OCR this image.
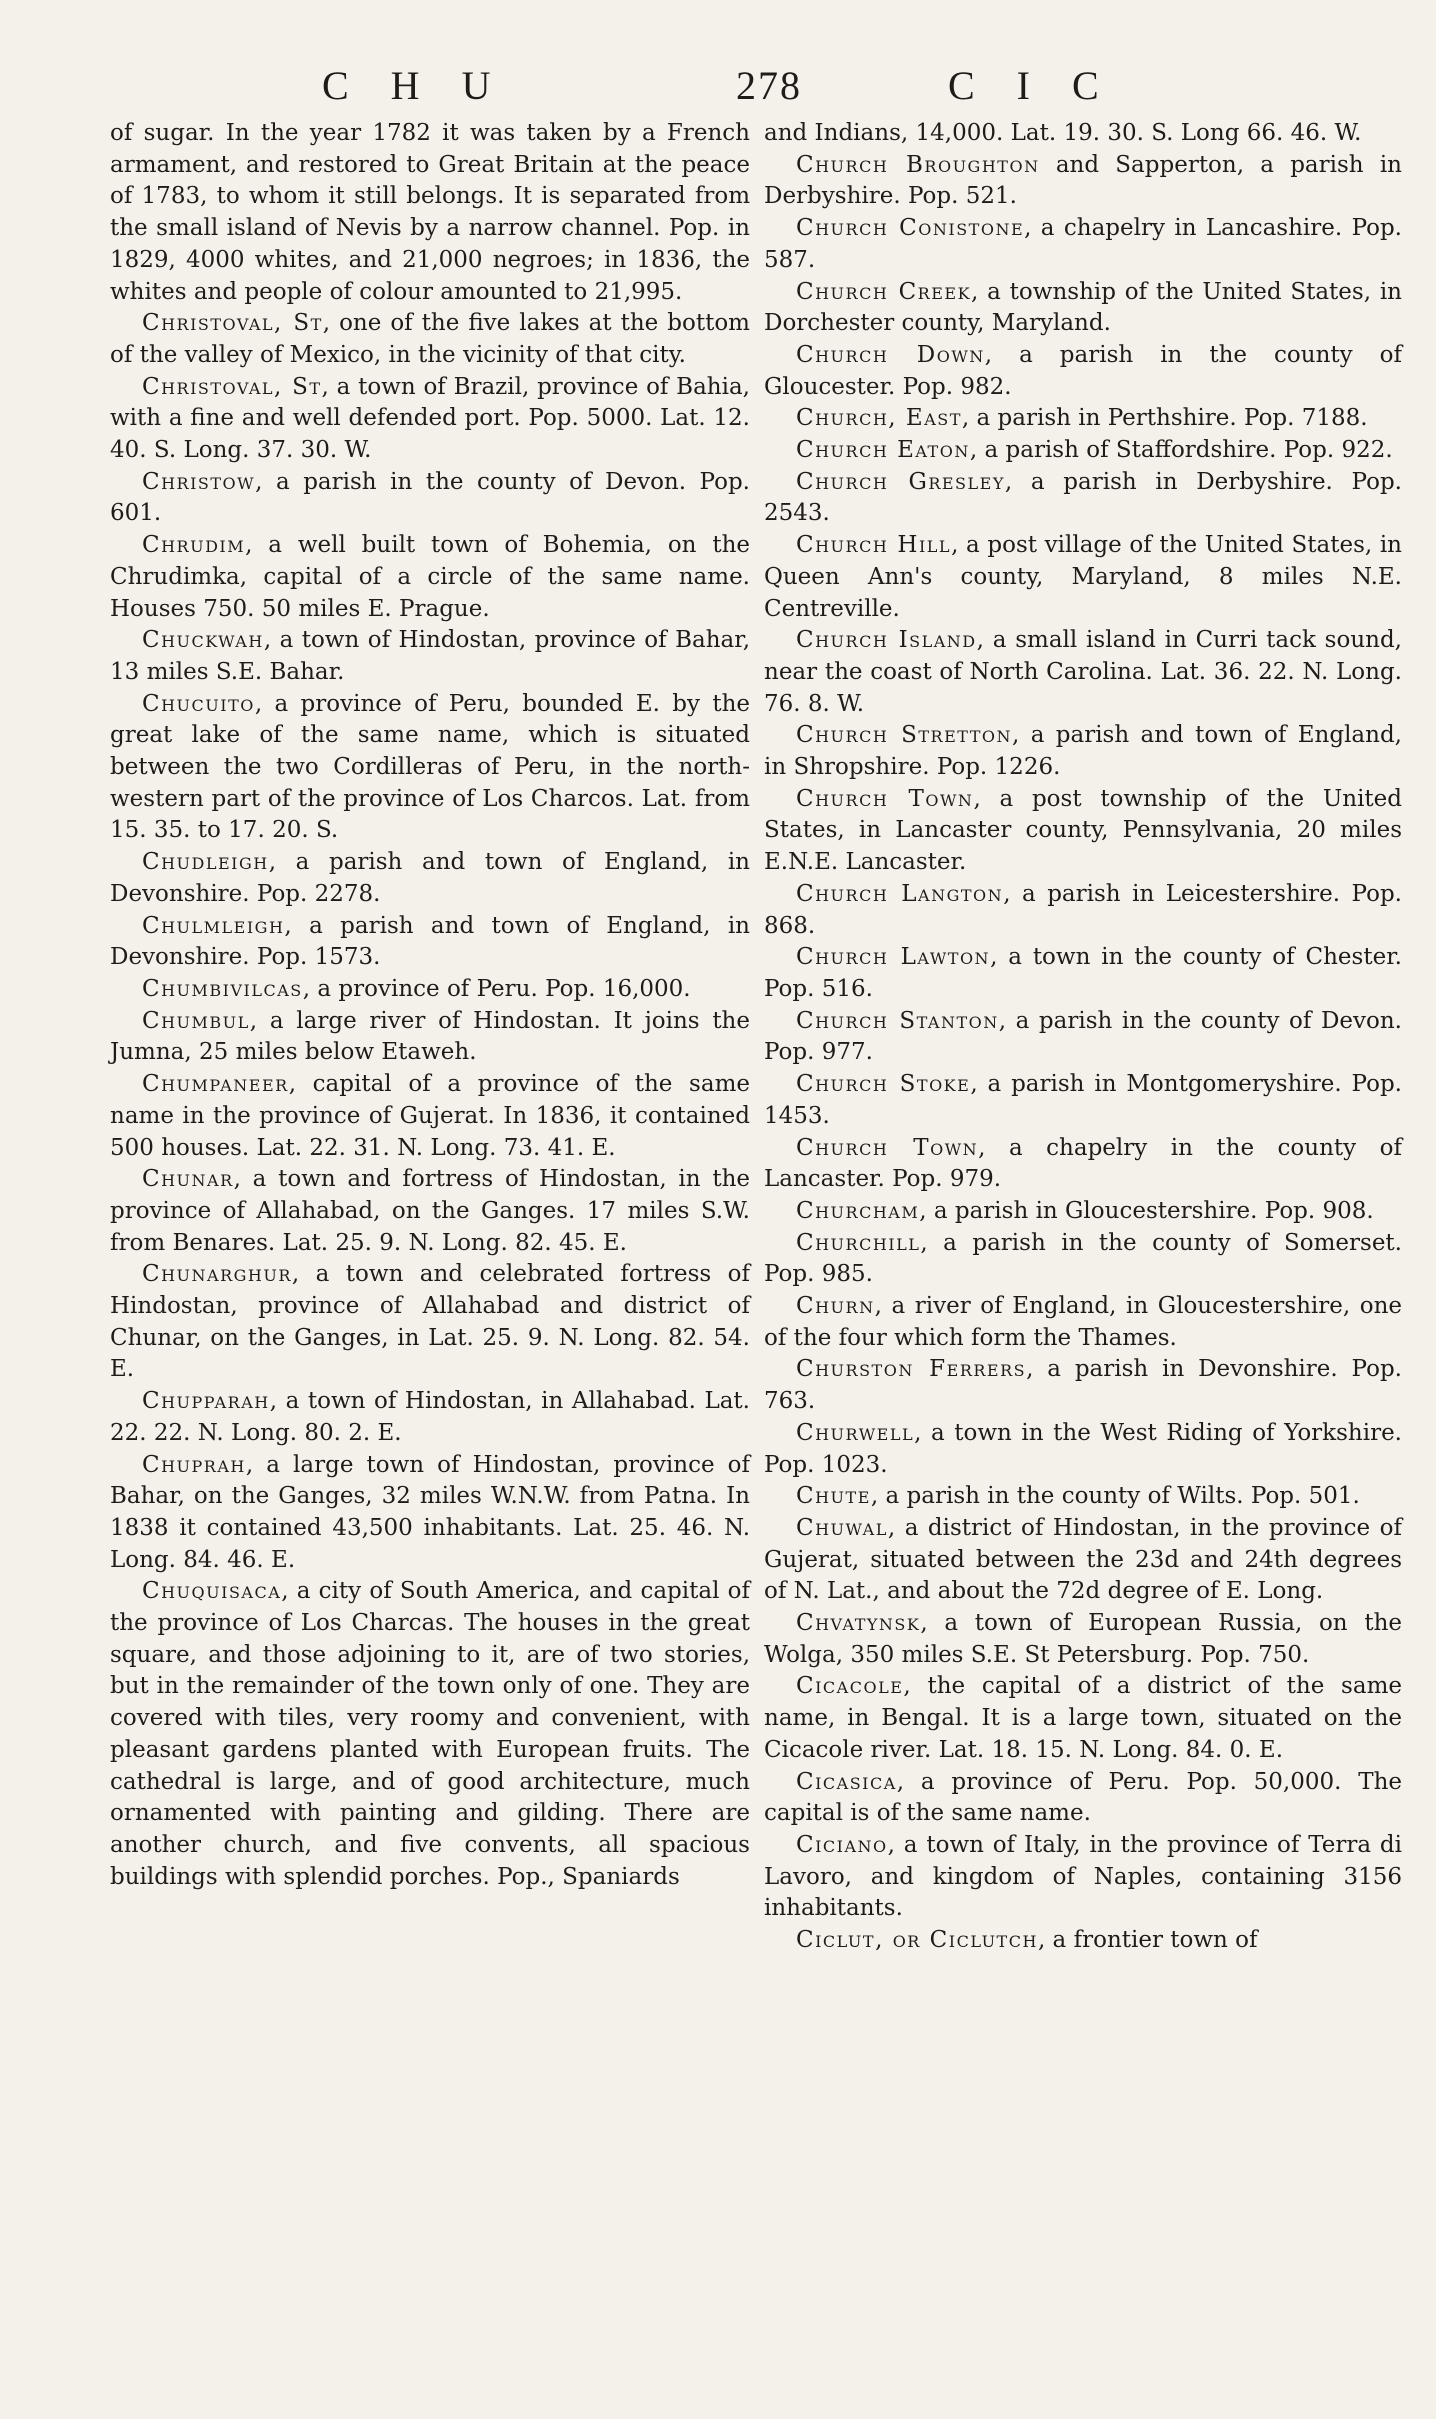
C H U	278	C I C

of sugar. In the year 1782 it was taken by a French armament, and restored to Great Britain at the peace of 1783, to whom it still belongs. It is separated from the small island of Nevis by a narrow channel. Pop. in 1829, 4000 whites, and 21,000 negroes; in 1836, the whites and people of colour amounted to 21,995.

Christoval, St, one of the five lakes at the bottom of the valley of Mexico, in the vicinity of that city.

Christoval, St, a town of Brazil, province of Bahia, with a fine and well defended port. Pop. 5000. Lat. 12. 40. S. Long. 37. 30. W.

Christow, a parish in the county of Devon. Pop. 601.

Chrudim, a well built town of Bohemia, on the Chrudimka, capital of a circle of the same name. Houses 750. 50 miles E. Prague.

Chuckwah, a town of Hindostan, province of Bahar, 13 miles S.E. Bahar.

Chucuito, a province of Peru, bounded E. by the great lake of the same name, which is situated between the two Cordilleras of Peru, in the north-western part of the province of Los Charcos. Lat. from 15. 35. to 17. 20. S.

Chudleigh, a parish and town of England, in Devonshire. Pop. 2278.

Chulmleigh, a parish and town of England, in Devonshire. Pop. 1573.

Chumbivilcas, a province of Peru. Pop. 16,000.

Chumbul, a large river of Hindostan. It joins the Jumna, 25 miles below Etaweh.

Chumpaneer, capital of a province of the same name in the province of Gujerat. In 1836, it contained 500 houses. Lat. 22. 31. N. Long. 73. 41. E.

Chunar, a town and fortress of Hindostan, in the province of Allahabad, on the Ganges. 17 miles S.W. from Benares. Lat. 25. 9. N. Long. 82. 45. E.

Chunarghur, a town and celebrated fortress of Hindostan, province of Allahabad and district of Chunar, on the Ganges, in Lat. 25. 9. N. Long. 82. 54. E.

Chupparah, a town of Hindostan, in Allahabad. Lat. 22. 22. N. Long. 80. 2. E.

Chuprah, a large town of Hindostan, province of Bahar, on the Ganges, 32 miles W.N.W. from Patna. In 1838 it contained 43,500 inhabitants. Lat. 25. 46. N. Long. 84. 46. E.

Chuquisaca, a city of South America, and capital of the province of Los Charcas. The houses in the great square, and those adjoining to it, are of two stories, but in the remainder of the town only of one. They are covered with tiles, very roomy and convenient, with pleasant gardens planted with European fruits. The cathedral is large, and of good architecture, much ornamented with painting and gilding. There are another church, and five convents, all spacious buildings with splendid porches. Pop., Spaniards

and Indians, 14,000. Lat. 19. 30. S. Long 66. 46. W.

Church Broughton and Sapperton, a parish in Derbyshire. Pop. 521.

Church Conistone, a chapelry in Lancashire. Pop. 587.

Church Creek, a township of the United States, in Dorchester county, Maryland.

Church Down, a parish in the county of Gloucester. Pop. 982.

Church, East, a parish in Perthshire. Pop. 7188.

Church Eaton, a parish of Staffordshire. Pop. 922.

Church Gresley, a parish in Derbyshire. Pop. 2543.

Church Hill, a post village of the United States, in Queen Ann's county, Maryland, 8 miles N.E. Centreville.

Church Island, a small island in Curri tack sound, near the coast of North Carolina. Lat. 36. 22. N. Long. 76. 8. W.

Church Stretton, a parish and town of England, in Shropshire. Pop. 1226.

Church Town, a post township of the United States, in Lancaster county, Pennsylvania, 20 miles E.N.E. Lancaster.

Church Langton, a parish in Leicestershire. Pop. 868.

Church Lawton, a town in the county of Chester. Pop. 516.

Church Stanton, a parish in the county of Devon. Pop. 977.

Church Stoke, a parish in Montgomeryshire. Pop. 1453.

Church Town, a chapelry in the county of Lancaster. Pop. 979.

Churcham, a parish in Gloucestershire. Pop. 908.

Churchill, a parish in the county of Somerset. Pop. 985.

Churn, a river of England, in Gloucestershire, one of the four which form the Thames.

Churston Ferrers, a parish in Devonshire. Pop. 763.

Churwell, a town in the West Riding of Yorkshire. Pop. 1023.

Chute, a parish in the county of Wilts. Pop. 501.

Chuwal, a district of Hindostan, in the province of Gujerat, situated between the 23d and 24th degrees of N. Lat., and about the 72d degree of E. Long.

Chvatynsk, a town of European Russia, on the Wolga, 350 miles S.E. St Petersburg. Pop. 750.

Cicacole, the capital of a district of the same name, in Bengal. It is a large town, situated on the Cicacole river. Lat. 18. 15. N. Long. 84. 0. E.

Cicasica, a province of Peru. Pop. 50,000. The capital is of the same name.

Ciciano, a town of Italy, in the province of Terra di Lavoro, and kingdom of Naples, containing 3156 inhabitants.

Ciclut, or Ciclutch, a frontier town of
